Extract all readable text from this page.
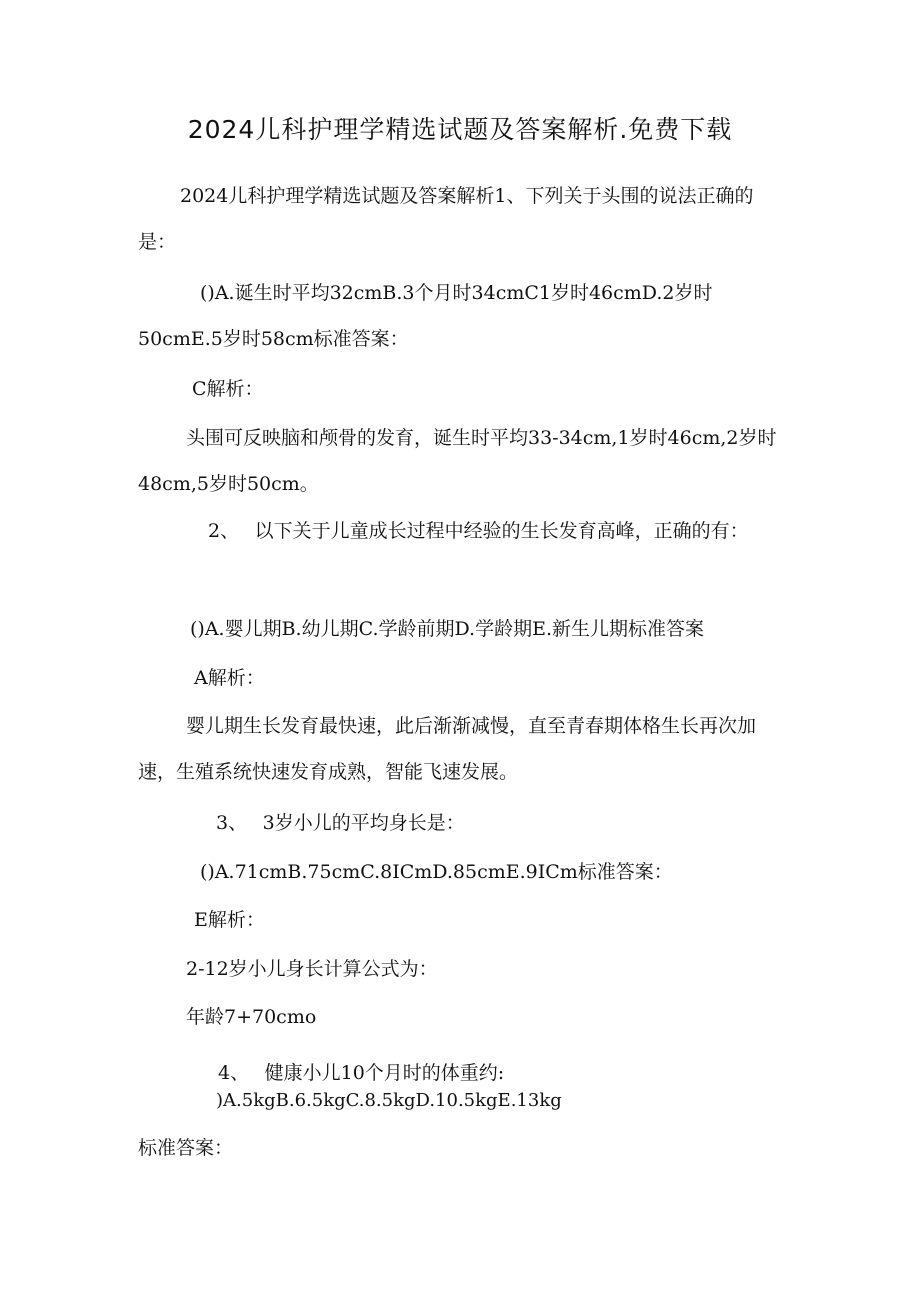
2024儿科护理学精选试题及答案解析.免费下载
2024儿科护理学精选试题及答案解析1、下列关于头围的说法正确的是：
()A.诞生时平均32cmB.3个月时34cmC1岁时46cmD.2岁时50cmE.5岁时58cm标准答案：
C解析：
头围可反映脑和颅骨的发育，诞生时平均33-34cm,1岁时46cm,2岁时48cm,5岁时50cm。
2、　 以下关于儿童成长过程中经验的生长发育高峰，正确的有：
()A.婴儿期B.幼儿期C.学龄前期D.学龄期E.新生儿期标准答案
A解析：
婴儿期生长发育最快速，此后渐渐减慢，直至青春期体格生长再次加速，生殖系统快速发育成熟，智能飞速发展。
3、　 3岁小儿的平均身长是：
()A.71cmB.75cmC.8ICmD.85cmE.9ICm标准答案：
E解析：
2-12岁小儿身长计算公式为：
年龄7+70cmo
4、　 健康小儿10个月时的体重约:
)A.5kgB.6.5kgC.8.5kgD.10.5kgE.13kg
标准答案：
